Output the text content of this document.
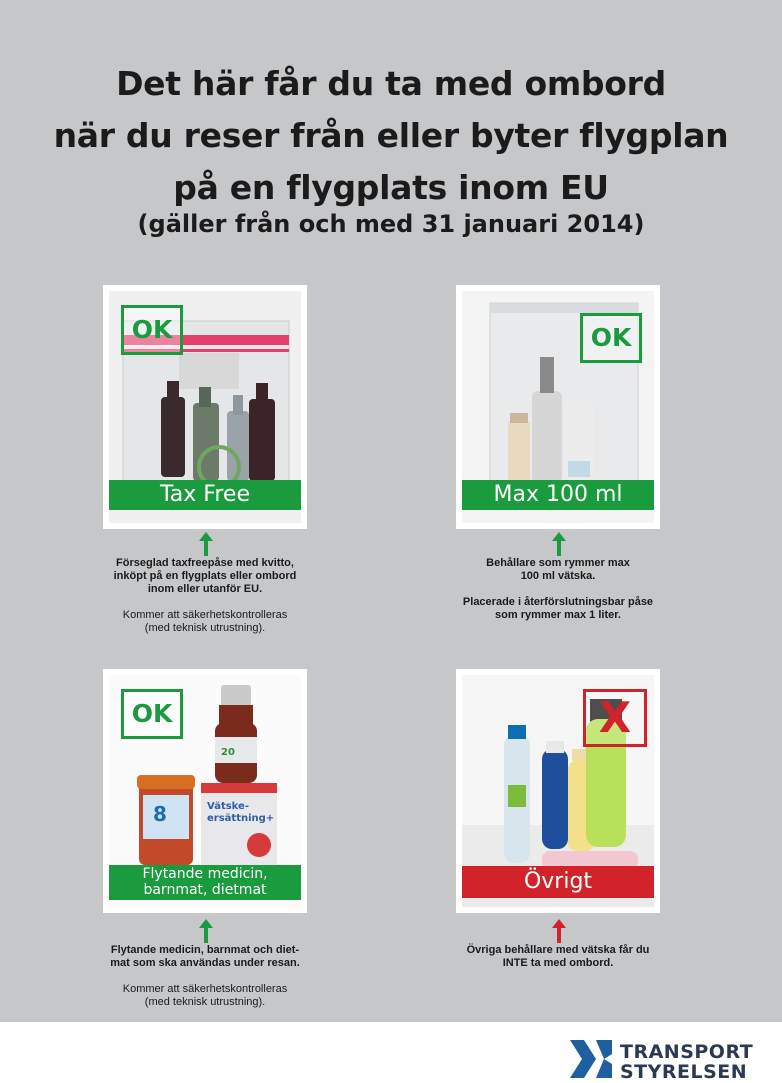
Det här får du ta med ombord
när du reser från eller byter flygplan
på en flygplats inom EU
(gäller från och med 31 januari 2014)
OK
Tax Free

Förseglad taxfreepåse med kvitto,

inköpt på en flygplats eller ombord

inom eller utanför EU.

Kommer att säkerhetskontrolleras

(med teknisk utrustning).

OK
Max 100 ml

Behållare som rymmer max

100 ml vätska.

Placerade i återförslutningsbar påse

som rymmer max 1 liter.

8
20
Vätske-
ersättning+
OK
Flytande medicin,
barnmat, dietmat

Flytande medicin, barnmat och diet-

mat som ska användas under resan.

Kommer att säkerhetskontrolleras

(med teknisk utrustning).

X
Övrigt

Övriga behållare med vätska får du

INTE ta med ombord.

TRANSPORT
STYRELSEN
